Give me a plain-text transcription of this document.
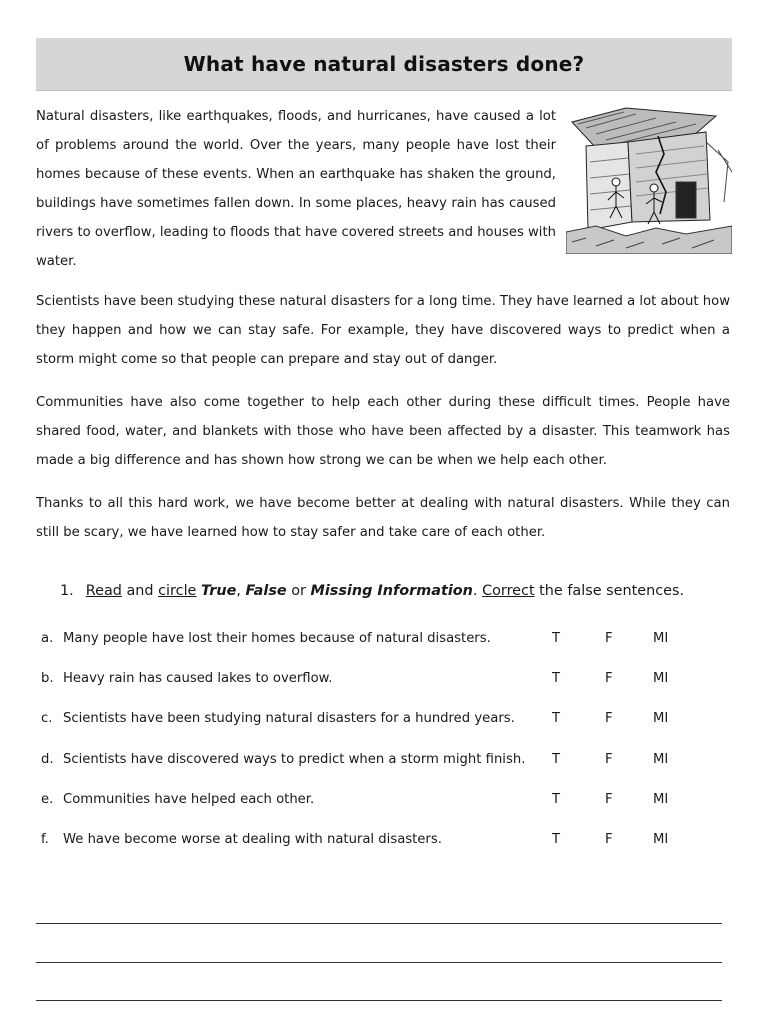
What have natural disasters done?

Natural disasters, like earthquakes, floods, and hurricanes, have caused a lot of problems around the world. Over the years, many people have lost their homes because of these events. When an earthquake has shaken the ground, buildings have sometimes fallen down. In some places, heavy rain has caused rivers to overflow, leading to floods that have covered streets and houses with water.

Scientists have been studying these natural disasters for a long time. They have learned a lot about how they happen and how we can stay safe. For example, they have discovered ways to predict when a storm might come so that people can prepare and stay out of danger.

Communities have also come together to help each other during these difficult times. People have shared food, water, and blankets with those who have been affected by a disaster. This teamwork has made a big difference and has shown how strong we can be when we help each other.

Thanks to all this hard work, we have become better at dealing with natural disasters. While they can still be scary, we have learned how to stay safer and take care of each other.

1. Read and circle True, False or Missing Information. Correct the false sentences.
a. Many people have lost their homes because of natural disasters.	T	F	MI
b. Heavy rain has caused lakes to overflow.	T	F	MI
c. Scientists have been studying natural disasters for a hundred years.	T	F	MI
d. Scientists have discovered ways to predict when a storm might finish. T	F	MI
e. Communities have helped each other.	T	F	MI
f. We have become worse at dealing with natural disasters.	T	F	MI
